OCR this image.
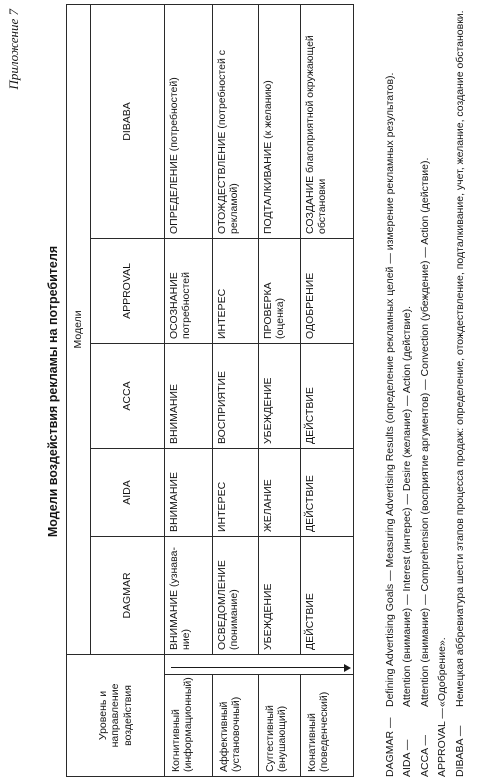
Приложение 7
Модели воздействия рекламы на потребителя
Уровень и направление воздействия		Модели				
		DAGMAR	AIDA	ACCA	APPROVAL	DIBABA
Когнитивный (информационный)		ВНИМАНИЕ (узнавание)	ВНИМАНИЕ	ВНИМАНИЕ	ОСОЗНАНИЕ потребностей	ОПРЕДЕЛЕНИЕ (потребностей)
Аффективный (установочный)		ОСВЕДОМЛЕНИЕ (понимание)	ИНТЕРЕС	ВОСПРИЯТИЕ	ИНТЕРЕС	ОТОЖДЕСТВЛЕНИЕ (потребностей с рекламой)
Суггестивный (внушающий)		УБЕЖДЕНИЕ	ЖЕЛАНИЕ	УБЕЖДЕНИЕ	ПРОВЕРКА (оценка)	ПОДТАЛКИВАНИЕ (к желанию)
Конативный (поведенческий)		ДЕЙСТВИЕ	ДЕЙСТВИЕ	ДЕЙСТВИЕ	ОДОБРЕНИЕ	СОЗДАНИЕ благоприятной окружающей обстановки
DAGMAR —
Defining Advertising Goals — Measuring Advertising Results (определение рекламных целей — измерение рекламных результатов).
AIDA —
Attention (внимание) — Interest (интерес) — Desire (желание) — Action (действие).
ACCA —
Attention (внимание) — Comprehension (восприятие аргументов) — Convection (убеждение) — Action (действие).
APPROVAL —
«Одобрение».
DIBABA —
Немецкая аббревиатура шести этапов процесса продаж: определение, отождествление, подталкивание, учет, желание, создание обстановки.
